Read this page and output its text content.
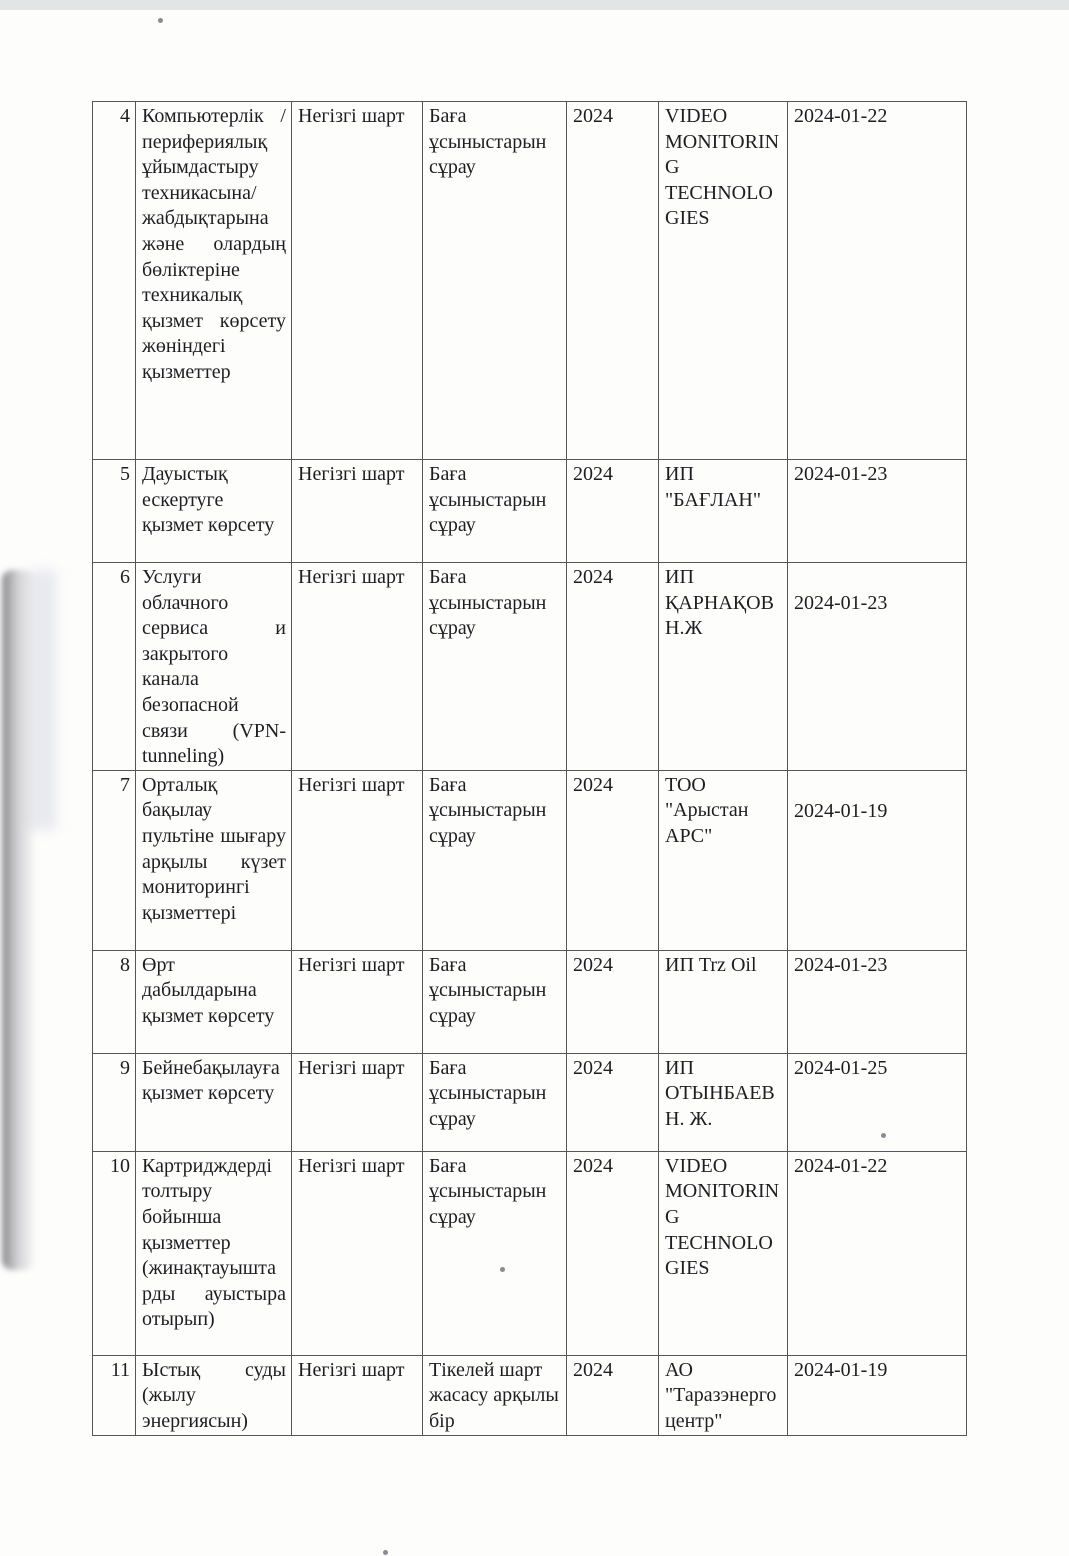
4	Компьютерлік /перифериялық ұйымдастыру техникасына/ жабдықтарына және олардың бөліктеріне техникалық қызмет көрсету жөніндегі қызметтер	Негізгі шарт	Баға ұсыныстарын сұрау	2024	VIDEO MONITORING TECHNOLOGIES	2024-01-22
5	Дауыстық ескертуге қызмет көрсету	Негізгі шарт	Баға ұсыныстарын сұрау	2024	ИП "БАҒЛАН"	2024-01-23
6	Услуги облачного сервиса и закрытого канала безопасной связи (VPN-tunneling)	Негізгі шарт	Баға ұсыныстарын сұрау	2024	ИП ҚАРНАҚОВ Н.Ж	2024-01-23
7	Орталық бақылау пультіне шығару арқылы күзет мониторингі қызметтері	Негізгі шарт	Баға ұсыныстарын сұрау	2024	ТОО "Арыстан АРС"	2024-01-19
8	Өрт дабылдарына қызмет көрсету	Негізгі шарт	Баға ұсыныстарын сұрау	2024	ИП Trz Oil	2024-01-23
9	Бейнебақылауға қызмет көрсету	Негізгі шарт	Баға ұсыныстарын сұрау	2024	ИП ОТЫНБАЕВ Н. Ж.	2024-01-25
10	Картридждерді толтыру бойынша қызметтер (жинақтауыштарды ауыстыра отырып)	Негізгі шарт	Баға ұсыныстарын сұрау	2024	VIDEO MONITORING TECHNOLOGIES	2024-01-22
11	Ыстық суды (жылу энергиясын)	Негізгі шарт	Тікелей шарт жасасу арқылы бір	2024	АО "Таразэнергоцентр"	2024-01-19
